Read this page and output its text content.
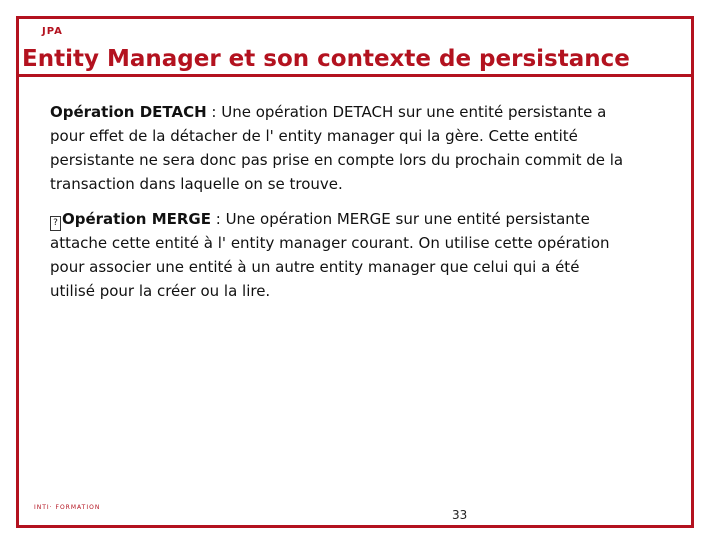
JPA
Entity Manager et son contexte de persistance
Opération DETACH : Une opération DETACH sur une entité persistante a pour effet de la détacher de l' entity manager qui la gère. Cette entité persistante ne sera donc pas prise en compte lors du prochain commit de la transaction dans laquelle on se trouve.
? Opération MERGE : Une opération MERGE sur une entité persistante attache cette entité à l' entity manager courant. On utilise cette opération pour associer une entité à un autre entity manager que celui qui a été utilisé pour la créer ou la lire.
INTI· FORMATION
33
